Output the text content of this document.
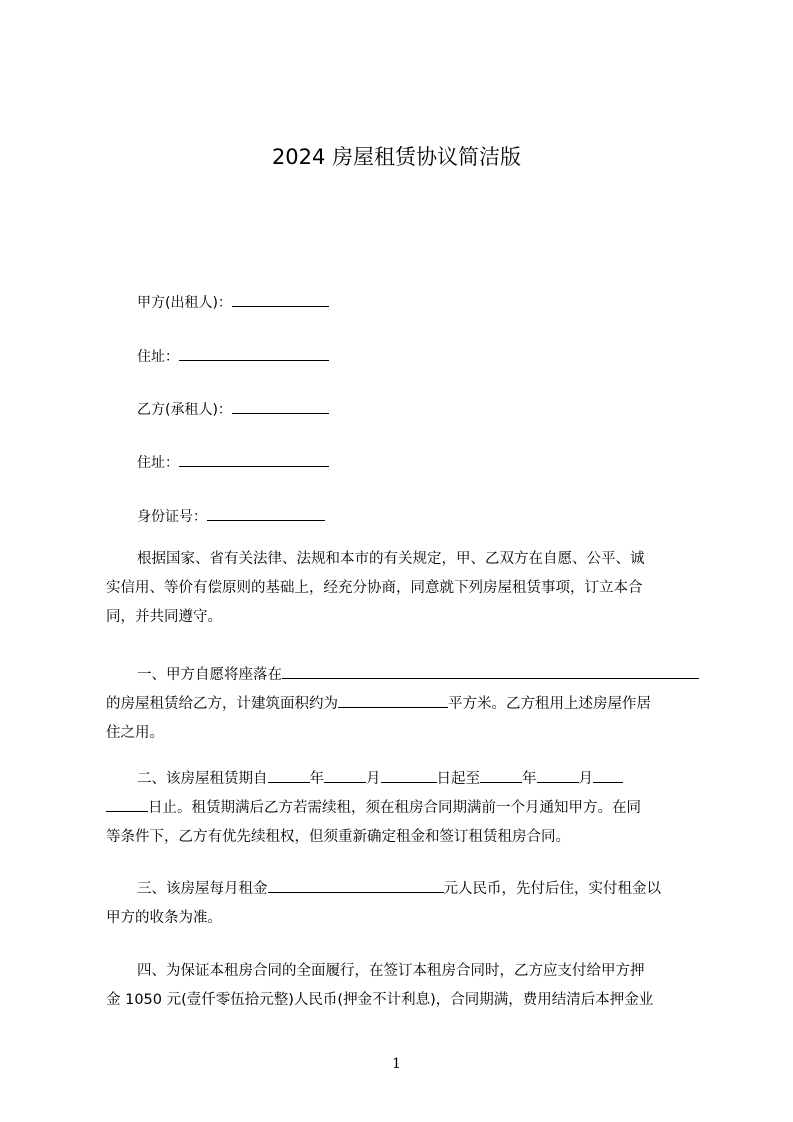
2024 房屋租赁协议简洁版
甲方(出租人)：
住址：
乙方(承租人)：
住址：
身份证号：
根据国家、省有关法律、法规和本市的有关规定，甲、乙双方在自愿、公平、诚
实信用、等价有偿原则的基础上，经充分协商，同意就下列房屋租赁事项，订立本合
同，并共同遵守。
一、甲方自愿将座落在
的房屋租赁给乙方，计建筑面积约为	平方米。乙方租用上述房屋作居
住之用。
二、该房屋租赁期自	年	月	日起至	年	月
日止。租赁期满后乙方若需续租，须在租房合同期满前一个月通知甲方。在同
等条件下，乙方有优先续租权，但须重新确定租金和签订租赁租房合同。
三、该房屋每月租金	元人民币，先付后住，实付租金以
甲方的收条为准。
四、为保证本租房合同的全面履行，在签订本租房合同时，乙方应支付给甲方押
金 1050 元(壹仟零伍拾元整)人民币(押金不计利息)，合同期满，费用结清后本押金业
1
